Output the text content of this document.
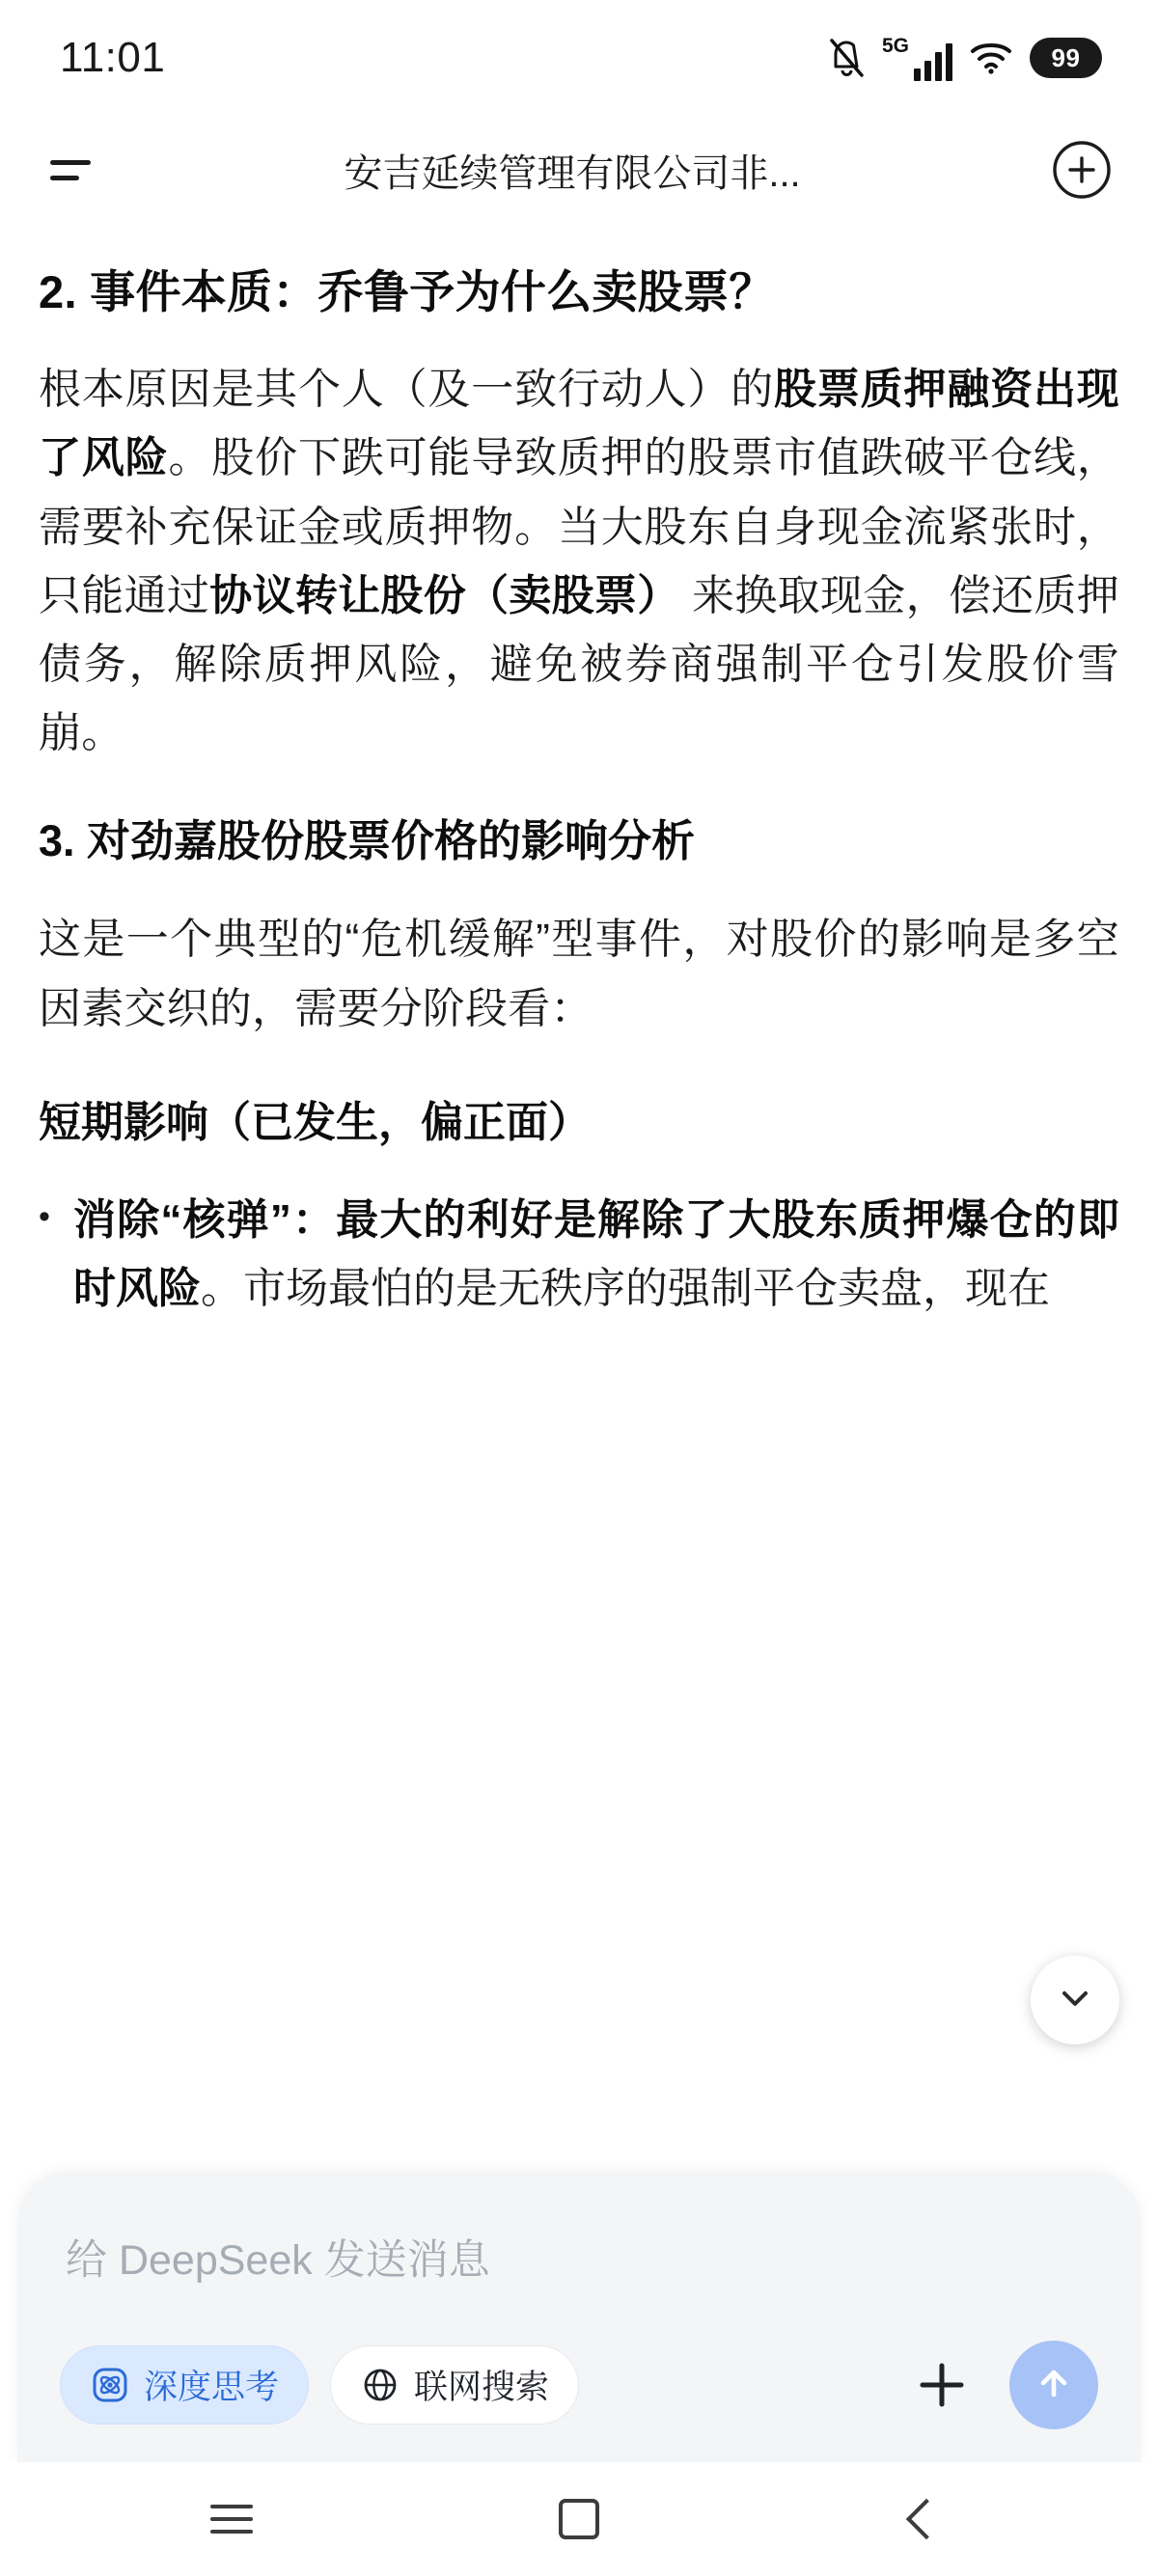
11:01	5G	99
安吉延续管理有限公司非...
2. 事件本质：乔鲁予为什么卖股票？
根本原因是其个人（及一致行动人）的股票质押融资出现了风险。股价下跌可能导致质押的股票市值跌破平仓线，需要补充保证金或质押物。当大股东自身现金流紧张时，只能通过协议转让股份（卖股票） 来换取现金，偿还质押债务，解除质押风险，避免被券商强制平仓引发股价雪崩。
3. 对劲嘉股份股票价格的影响分析
这是一个典型的“危机缓解”型事件，对股价的影响是多空因素交织的，需要分阶段看：
短期影响（已发生，偏正面）
• 消除“核弹”：最大的利好是解除了大股东质押爆仓的即时风险。市场最怕的是无秩序的强制平仓卖盘，现在
给 DeepSeek 发送消息
深度思考	联网搜索
